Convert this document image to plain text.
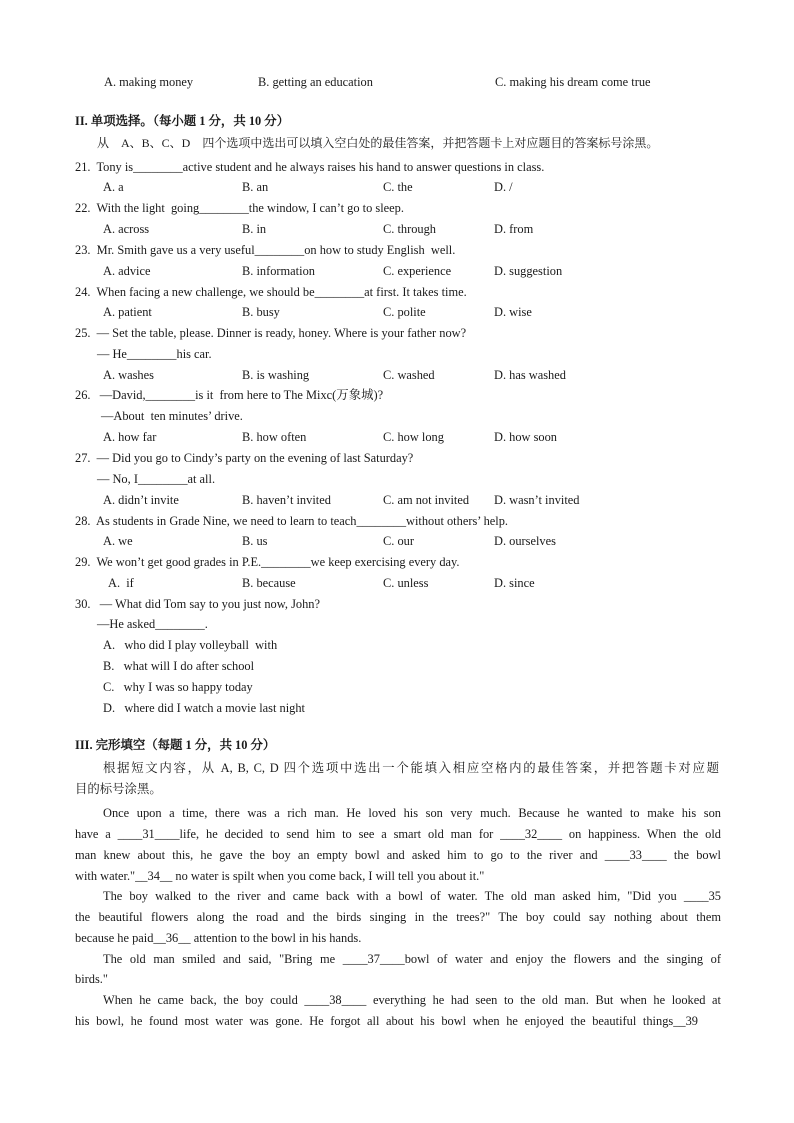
A. making money	B. getting an education	C. making his dream come true
II. 单项选择。（每小题 1 分，共 10 分）
从　A、B、C、D　四个选项中选出可以填入空白处的最佳答案，并把答题卡上对应题目的答案标号涂黑。
21.  Tony is________active student and he always raises his hand to answer questions in class.
A. a	B. an	C. the	D. /
22.  With the light  going________the window, I can’t go to sleep.
A. across	B. in	C. through	D. from
23.  Mr. Smith gave us a very useful________on how to study English  well.
A. advice	B. information	C. experience	D. suggestion
24.  When facing a new challenge, we should be________at first. It takes time.
A. patient	B. busy	C. polite	D. wise
25.  — Set the table, please. Dinner is ready, honey. Where is your father now?
— He________his car.
A. washes	B. is washing	C. washed	D. has washed
26.   —David,________is it  from here to The Mixc(万象城)?
—About  ten minutes’ drive.
A. how far	B. how often	C. how long	D. how soon
27.  — Did you go to Cindy’s party on the evening of last Saturday?
— No, I________at all.
A. didn’t invite	B. haven’t invited	C. am not invited D. wasn’t invited
28.  As students in Grade Nine, we need to learn to teach________without others’ help.
A. we	B. us	C. our	D. ourselves
29.  We won’t get good grades in P.E.________we keep exercising every day.
A.  if	B. because	C. unless	D. since
30.   — What did Tom say to you just now, John?
—He asked________.
A.   who did I play volleyball  with
B.   what will I do after school
C.   why I was so happy today
D.   where did I watch a movie last night
III. 完形填空（每题 1 分，共 10 分）
根据短文内容，从 A, B, C, D 四个选项中选出一个能填入相应空格内的最佳答案，并把答题卡对应题
目的标号涂黑。
Once upon a time, there was a rich man. He loved his son very much. Because he wanted to make his son
have a ____31____life, he decided to send him to see a smart old man for ____32____ on happiness. When the old
man knew about this, he gave the boy an empty bowl and asked him to go to the river and ____33____ the bowl
with water."__34__ no water is spilt when you come back, I will tell you about it."
The boy walked to the river and came back with a bowl of water. The old man asked him, "Did you ____35
the beautiful flowers along the road and the birds singing in the trees?" The boy could say nothing about them
because he paid__36__ attention to the bowl in his hands.
The old man smiled and said, "Bring me ____37____bowl of water and enjoy the flowers and the singing of
birds."
When he came back, the boy could ____38____ everything he had seen to the old man. But when he looked at
his bowl, he found most water was gone. He forgot all about his bowl when he enjoyed the beautiful things__39
